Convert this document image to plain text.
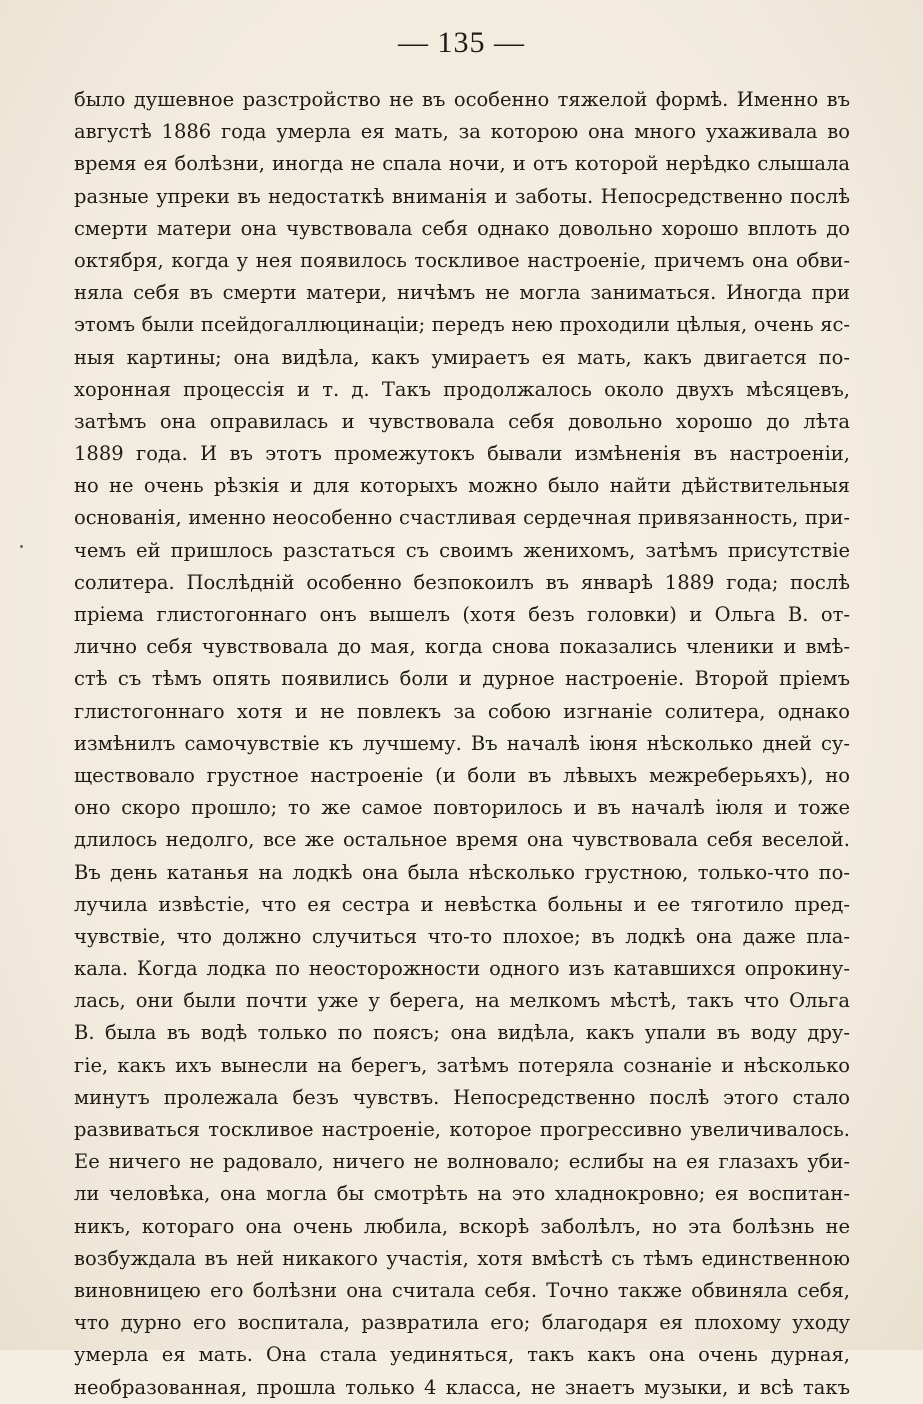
— 135 —
было душевное разстройство не въ особенно тяжелой формѣ. Именно въ
августѣ 1886 года умерла ея мать, за которою она много ухаживала во
время ея болѣзни, иногда не спала ночи, и отъ которой нерѣдко слышала
разные упреки въ недостаткѣ вниманія и заботы. Непосредственно послѣ
смерти матери она чувствовала себя однако довольно хорошо вплоть до
октября, когда у нея появилось тоскливое настроеніе, причемъ она обви-
няла себя въ смерти матери, ничѣмъ не могла заниматься. Иногда при
этомъ были псейдогаллюцинаціи; передъ нею проходили цѣлыя, очень яс-
ныя картины; она видѣла, какъ умираетъ ея мать, какъ двигается по-
хоронная процессія и т. д. Такъ продолжалось около двухъ мѣсяцевъ,
затѣмъ она оправилась и чувствовала себя довольно хорошо до лѣта
1889 года. И въ этотъ промежутокъ бывали измѣненія въ настроеніи,
но не очень рѣзкія и для которыхъ можно было найти дѣйствительныя
основанія, именно неособенно счастливая сердечная привязанность, при-
чемъ ей пришлось разстаться съ своимъ женихомъ, затѣмъ присутствіе
солитера. Послѣдній особенно безпокоилъ въ январѣ 1889 года; послѣ
пріема глистогоннаго онъ вышелъ (хотя безъ головки) и Ольга В. от-
лично себя чувствовала до мая, когда снова показались членики и вмѣ-
стѣ съ тѣмъ опять появились боли и дурное настроеніе. Второй пріемъ
глистогоннаго хотя и не повлекъ за собою изгнаніе солитера, однако
измѣнилъ самочувствіе къ лучшему. Въ началѣ іюня нѣсколько дней су-
ществовало грустное настроеніе (и боли въ лѣвыхъ межреберьяхъ), но
оно скоро прошло; то же самое повторилось и въ началѣ іюля и тоже
длилось недолго, все же остальное время она чувствовала себя веселой.
Въ день катанья на лодкѣ она была нѣсколько грустною, только-что по-
лучила извѣстіе, что ея сестра и невѣстка больны и ее тяготило пред-
чувствіе, что должно случиться что-то плохое; въ лодкѣ она даже пла-
кала. Когда лодка по неосторожности одного изъ катавшихся опрокину-
лась, они были почти уже у берега, на мелкомъ мѣстѣ, такъ что Ольга
В. была въ водѣ только по поясъ; она видѣла, какъ упали въ воду дру-
гіе, какъ ихъ вынесли на берегъ, затѣмъ потеряла сознаніе и нѣсколько
минутъ пролежала безъ чувствъ. Непосредственно послѣ этого стало
развиваться тоскливое настроеніе, которое прогрессивно увеличивалось.
Ее ничего не радовало, ничего не волновало; еслибы на ея глазахъ уби-
ли человѣка, она могла бы смотрѣть на это хладнокровно; ея воспитан-
никъ, котораго она очень любила, вскорѣ заболѣлъ, но эта болѣзнь не
возбуждала въ ней никакого участія, хотя вмѣстѣ съ тѣмъ единственною
виновницею его болѣзни она считала себя. Точно также обвиняла себя,
что дурно его воспитала, развратила его; благодаря ея плохому уходу
умерла ея мать. Она стала уединяться, такъ какъ она очень дурная,
необразованная, прошла только 4 класса, не знаетъ музыки, и всѣ такъ
